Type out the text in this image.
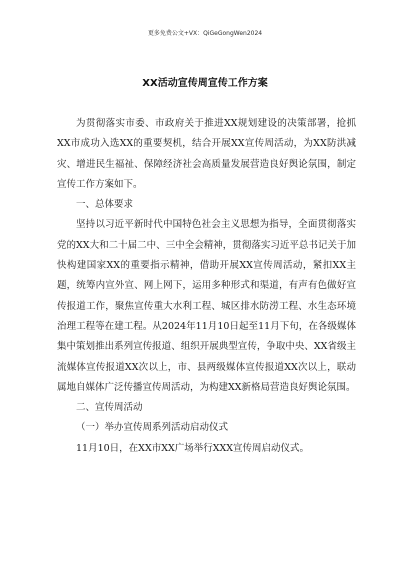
更多免费公文+VX：QiGeGongWen2024
XX活动宣传周宣传工作方案

为贯彻落实市委、市政府关于推进XX规划建设的决策部署，抢抓XX市成功入选XX的重要契机，结合开展XX宣传周活动，为XX防洪减灾、增进民生福祉、保障经济社会高质量发展营造良好舆论氛围，制定宣传工作方案如下。

一、总体要求

坚持以习近平新时代中国特色社会主义思想为指导，全面贯彻落实党的XX大和二十届二中、三中全会精神，贯彻落实习近平总书记关于加快构建国家XX的重要指示精神，借助开展XX宣传周活动，紧扣XX主题，统筹内宣外宣、网上网下，运用多种形式和渠道，有声有色做好宣传报道工作，聚焦宣传重大水利工程、城区排水防涝工程、水生态环境治理工程等在建工程。从2024年11月10日起至11月下旬，在各级媒体集中策划推出系列宣传报道、组织开展典型宣传，争取中央、XX省级主流媒体宣传报道XX次以上，市、县两级媒体宣传报道XX次以上，联动属地自媒体广泛传播宣传周活动，为构建XX新格局营造良好舆论氛围。

二、宣传周活动

（一）举办宣传周系列活动启动仪式

11月10日，在XX市XX广场举行XXX宣传周启动仪式。
